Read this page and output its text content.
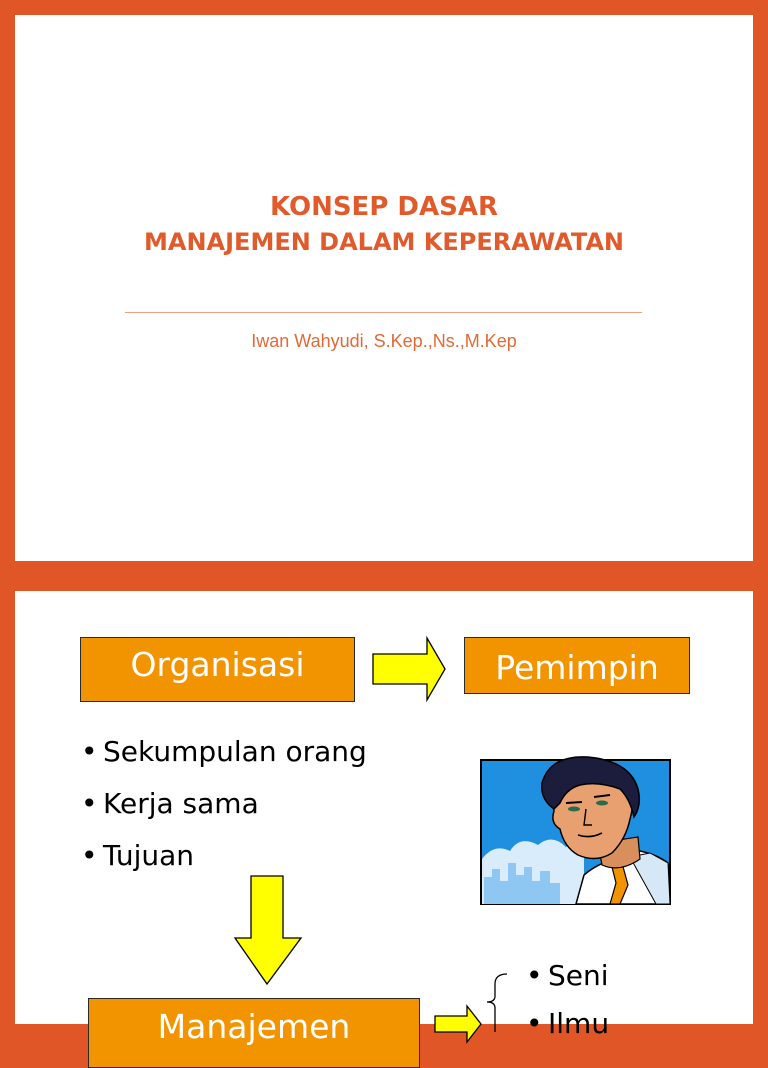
KONSEP DASAR
MANAJEMEN DALAM KEPERAWATAN
Iwan Wahyudi, S.Kep.,Ns.,M.Kep
Organisasi	Pemimpin
• Sekumpulan orang
• Kerja sama
• Tujuan
• Seni
• Ilmu
Manajemen
